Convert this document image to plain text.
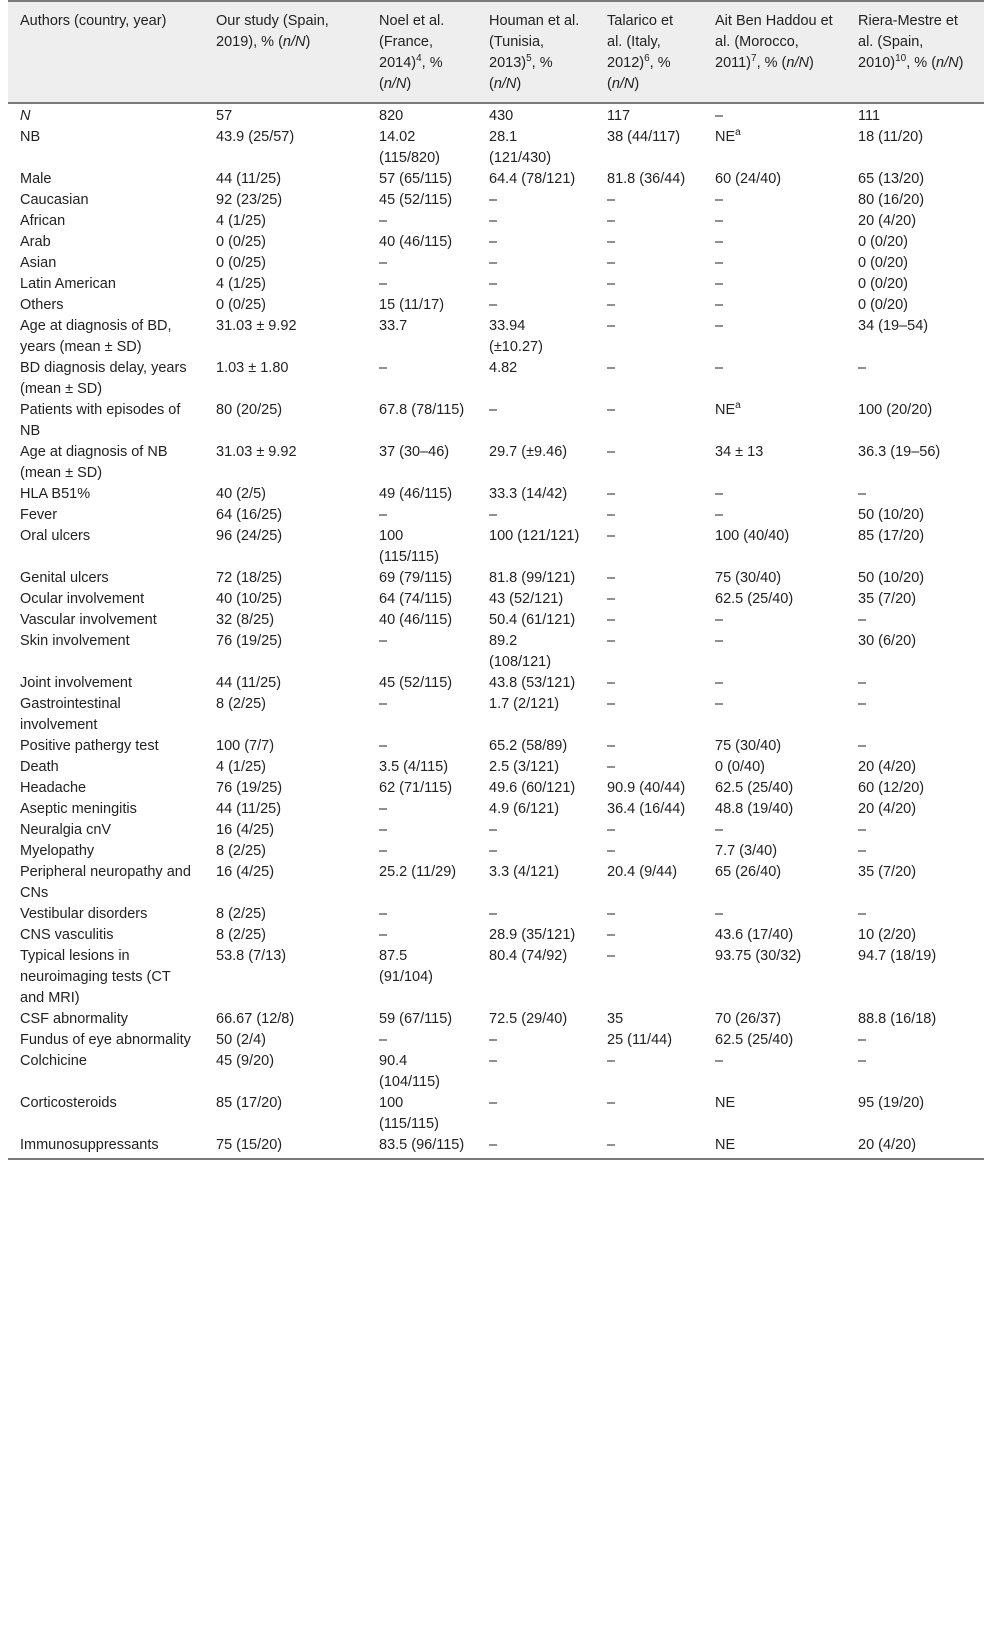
Authors (country, year)	Our study (Spain, 2019), % (n/N)	Noel et al. (France, 2014)$^4$, % (n/N)	Houman et al. (Tunisia, 2013)$^5$, % (n/N)	Talarico et al. (Italy, 2012)$^6$, % (n/N)	Ait Ben Haddou et al. (Morocco, 2011)$^7$, % (n/N)	Riera-Mestre et al. (Spain, 2010)$^{10}$, % (n/N)
N	57	820	430	117	–	111
NB	43.9 (25/57)	14.02 (115/820)	28.1 (121/430)	38 (44/117)	$NE^a$	18 (11/20)
Male	44 (11/25)	57 (65/115)	64.4 (78/121)	81.8 (36/44)	60 (24/40)	65 (13/20)
Caucasian	92 (23/25)	45 (52/115)	–	–	–	80 (16/20)
African	4 (1/25)	–	–	–	–	20 (4/20)
Arab	0 (0/25)	40 (46/115)	–	–	–	0 (0/20)
Asian	0 (0/25)	–	–	–	–	0 (0/20)
Latin American	4 (1/25)	–	–	–	–	0 (0/20)
Others	0 (0/25)	15 (11/17)	–	–	–	0 (0/20)
Age at diagnosis of BD, years (mean ± SD)	31.03 ± 9.92	33.7	33.94 (±10.27)	–	–	34 (19–54)
BD diagnosis delay, years (mean ± SD)	1.03 ± 1.80	–	4.82	–	–	–
Patients with episodes of NB	80 (20/25)	67.8 (78/115)	–	–	$NE^a$	100 (20/20)
Age at diagnosis of NB (mean ± SD)	31.03 ± 9.92	37 (30–46)	29.7 (±9.46)	–	34 ± 13	36.3 (19–56)
HLA B51%	40 (2/5)	49 (46/115)	33.3 (14/42)	–	–	–
Fever	64 (16/25)	–	–	–	–	50 (10/20)
Oral ulcers	96 (24/25)	100 (115/115)	100 (121/121)	–	100 (40/40)	85 (17/20)
Genital ulcers	72 (18/25)	69 (79/115)	81.8 (99/121)	–	75 (30/40)	50 (10/20)
Ocular involvement	40 (10/25)	64 (74/115)	43 (52/121)	–	62.5 (25/40)	35 (7/20)
Vascular involvement	32 (8/25)	40 (46/115)	50.4 (61/121)	–	–	–
Skin involvement	76 (19/25)	–	89.2 (108/121)	–	–	30 (6/20)
Joint involvement	44 (11/25)	45 (52/115)	43.8 (53/121)	–	–	–
Gastrointestinal involvement	8 (2/25)	–	1.7 (2/121)	–	–	–
Positive pathergy test	100 (7/7)	–	65.2 (58/89)	–	75 (30/40)	–
Death	4 (1/25)	3.5 (4/115)	2.5 (3/121)	–	0 (0/40)	20 (4/20)
Headache	76 (19/25)	62 (71/115)	49.6 (60/121)	90.9 (40/44)	62.5 (25/40)	60 (12/20)
Aseptic meningitis	44 (11/25)	–	4.9 (6/121)	36.4 (16/44)	48.8 (19/40)	20 (4/20)
Neuralgia cnV	16 (4/25)	–	–	–	–	–
Myelopathy	8 (2/25)	–	–	–	7.7 (3/40)	–
Peripheral neuropathy and CNs	16 (4/25)	25.2 (11/29)	3.3 (4/121)	20.4 (9/44)	65 (26/40)	35 (7/20)
Vestibular disorders	8 (2/25)	–	–	–	–	–
CNS vasculitis	8 (2/25)	–	28.9 (35/121)	–	43.6 (17/40)	10 (2/20)
Typical lesions in neuroimaging tests (CT and MRI)	53.8 (7/13)	87.5 (91/104)	80.4 (74/92)	–	93.75 (30/32)	94.7 (18/19)
CSF abnormality	66.67 (12/8)	59 (67/115)	72.5 (29/40)	35	70 (26/37)	88.8 (16/18)
Fundus of eye abnormality	50 (2/4)	–	–	25 (11/44)	62.5 (25/40)	–
Colchicine	45 (9/20)	90.4 (104/115)	–	–	–	–
Corticosteroids	85 (17/20)	100 (115/115)	–	–	NE	95 (19/20)
Immunosuppressants	75 (15/20)	83.5 (96/115)	–	–	NE	20 (4/20)
